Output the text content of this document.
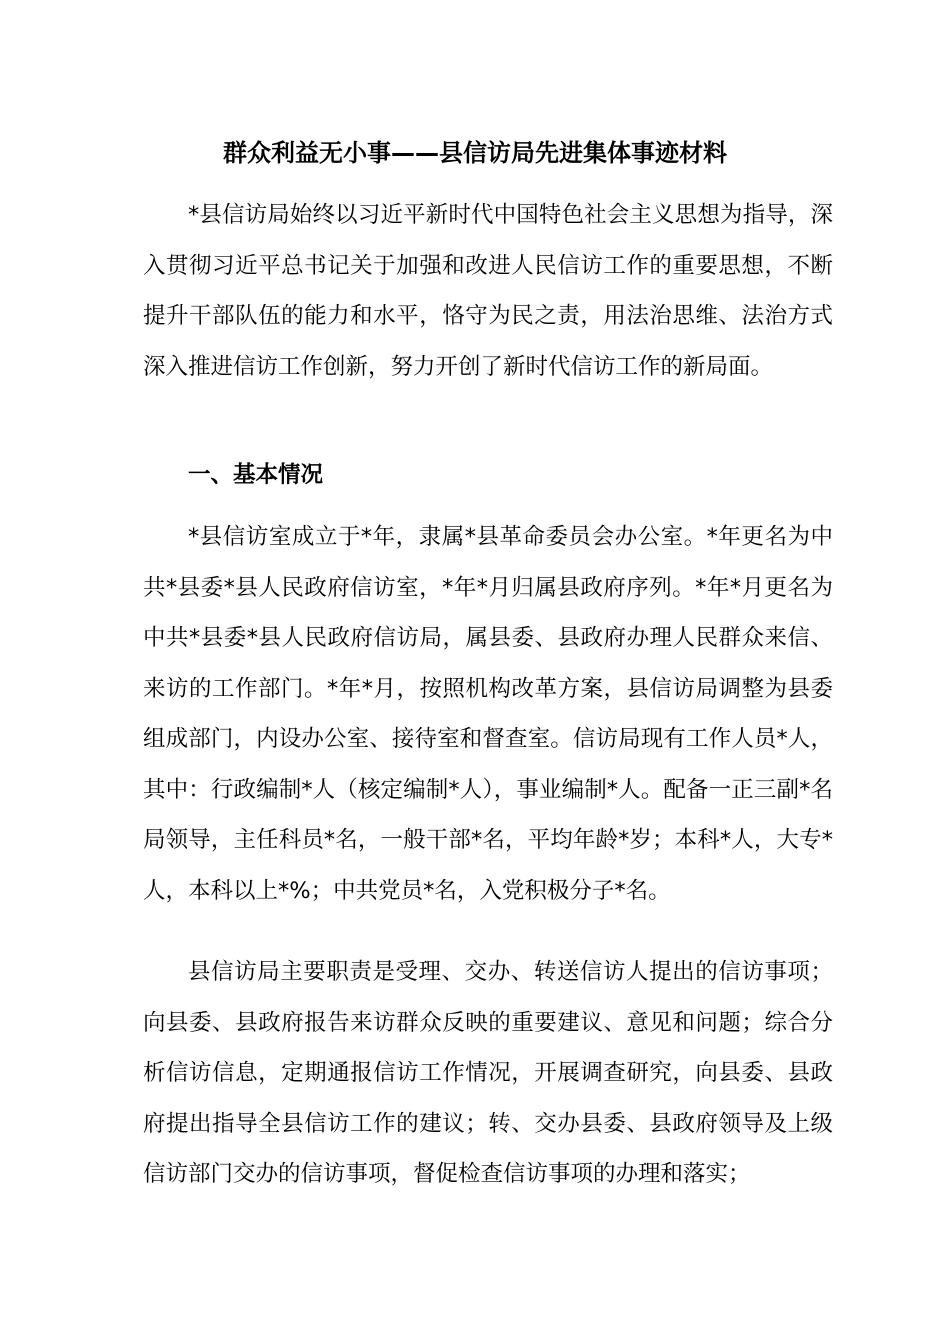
群众利益无小事——县信访局先进集体事迹材料

*县信访局始终以习近平新时代中国特色社会主义思想为指导，深入贯彻习近平总书记关于加强和改进人民信访工作的重要思想，不断提升干部队伍的能力和水平，恪守为民之责，用法治思维、法治方式深入推进信访工作创新，努力开创了新时代信访工作的新局面。

一、基本情况

*县信访室成立于*年，隶属*县革命委员会办公室。*年更名为中共*县委*县人民政府信访室，*年*月归属县政府序列。*年*月更名为中共*县委*县人民政府信访局，属县委、县政府办理人民群众来信、来访的工作部门。*年*月，按照机构改革方案，县信访局调整为县委组成部门，内设办公室、接待室和督查室。信访局现有工作人员*人，其中：行政编制*人（核定编制*人），事业编制*人。配备一正三副*名局领导，主任科员*名，一般干部*名，平均年龄*岁；本科*人，大专*人，本科以上*%；中共党员*名，入党积极分子*名。

县信访局主要职责是受理、交办、转送信访人提出的信访事项；向县委、县政府报告来访群众反映的重要建议、意见和问题；综合分析信访信息，定期通报信访工作情况，开展调查研究，向县委、县政府提出指导全县信访工作的建议；转、交办县委、县政府领导及上级信访部门交办的信访事项，督促检查信访事项的办理和落实；
